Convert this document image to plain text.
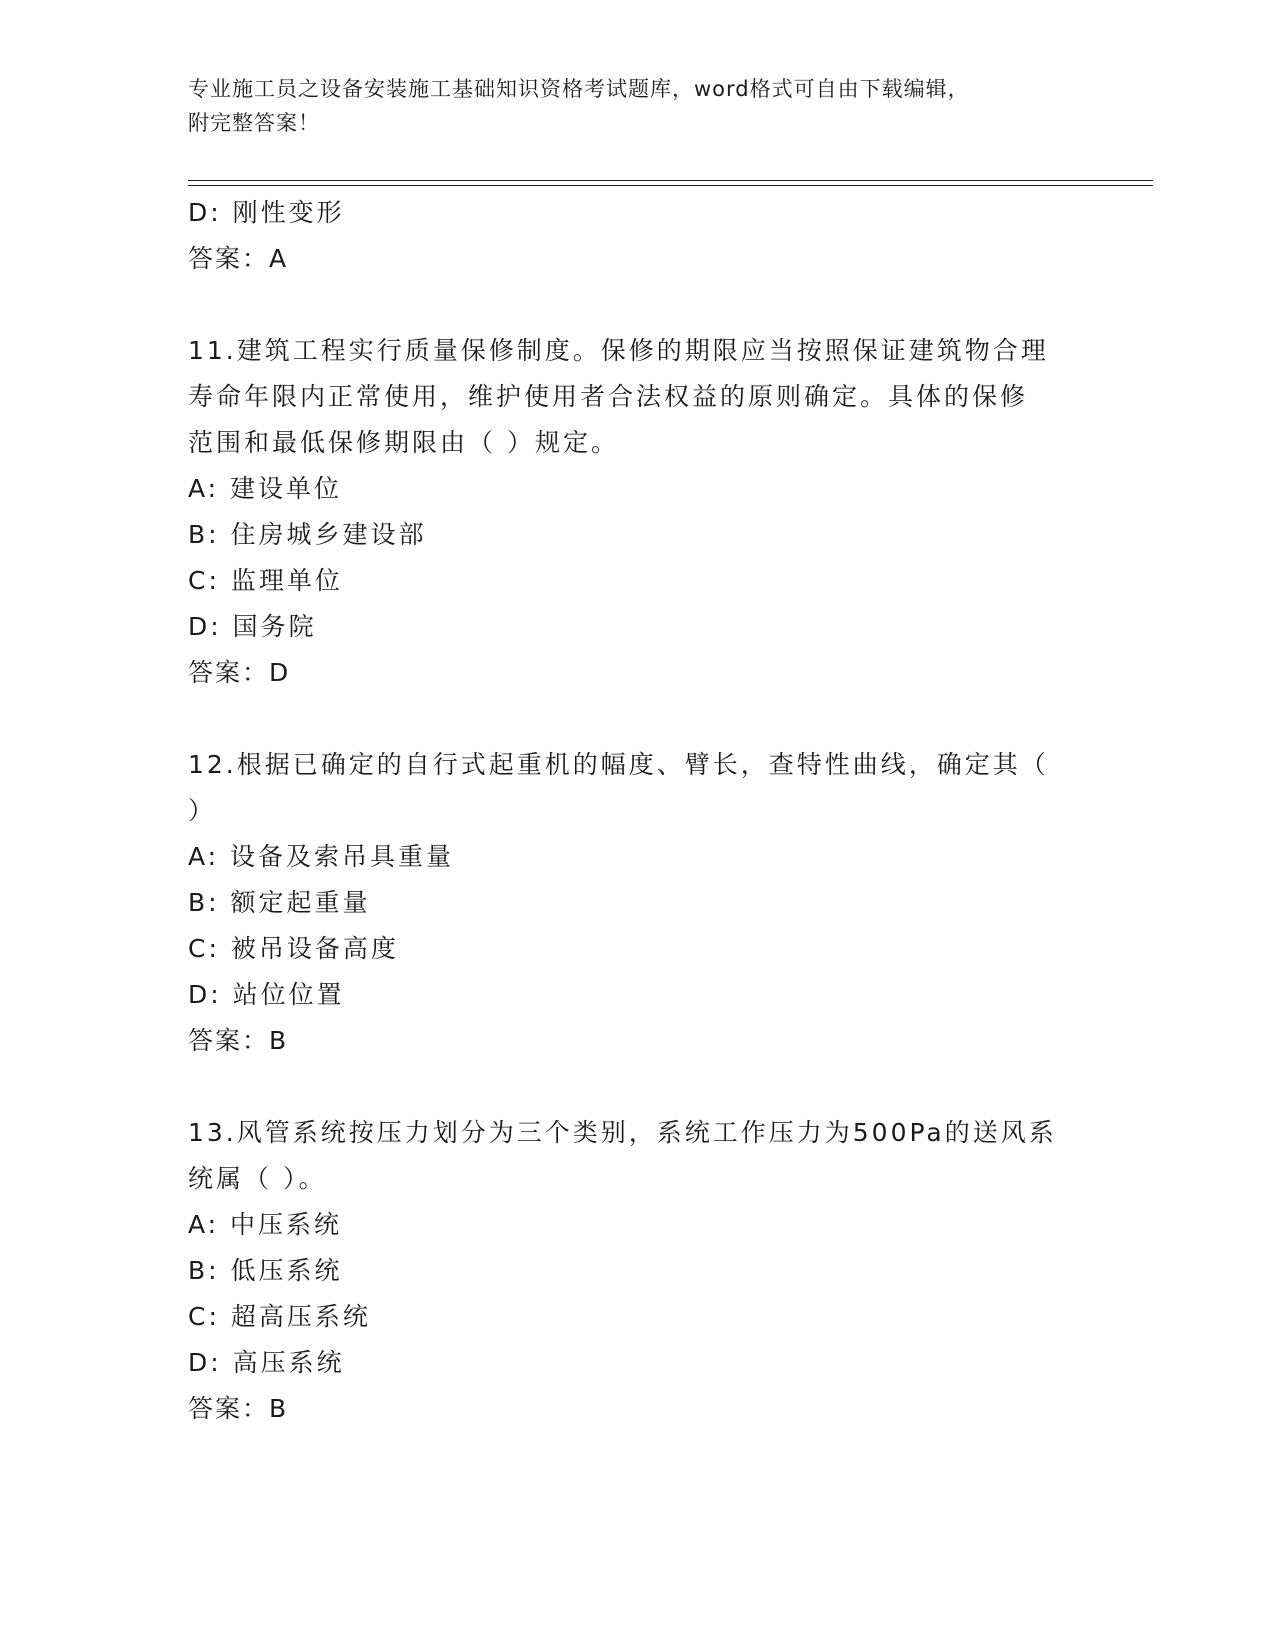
专业施工员之设备安装施工基础知识资格考试题库，word格式可自由下载编辑，
附完整答案！
D: 刚性变形
答案：A
11.建筑工程实行质量保修制度。保修的期限应当按照保证建筑物合理
寿命年限内正常使用，维护使用者合法权益的原则确定。具体的保修
范围和最低保修期限由（ ）规定。
A: 建设单位
B: 住房城乡建设部
C: 监理单位
D: 国务院
答案：D
12.根据已确定的自行式起重机的幅度、臂长，查特性曲线，确定其（
）
A: 设备及索吊具重量
B: 额定起重量
C: 被吊设备高度
D: 站位位置
答案：B
13.风管系统按压力划分为三个类别，系统工作压力为500Pa的送风系
统属（ ）。
A: 中压系统
B: 低压系统
C: 超高压系统
D: 高压系统
答案：B
